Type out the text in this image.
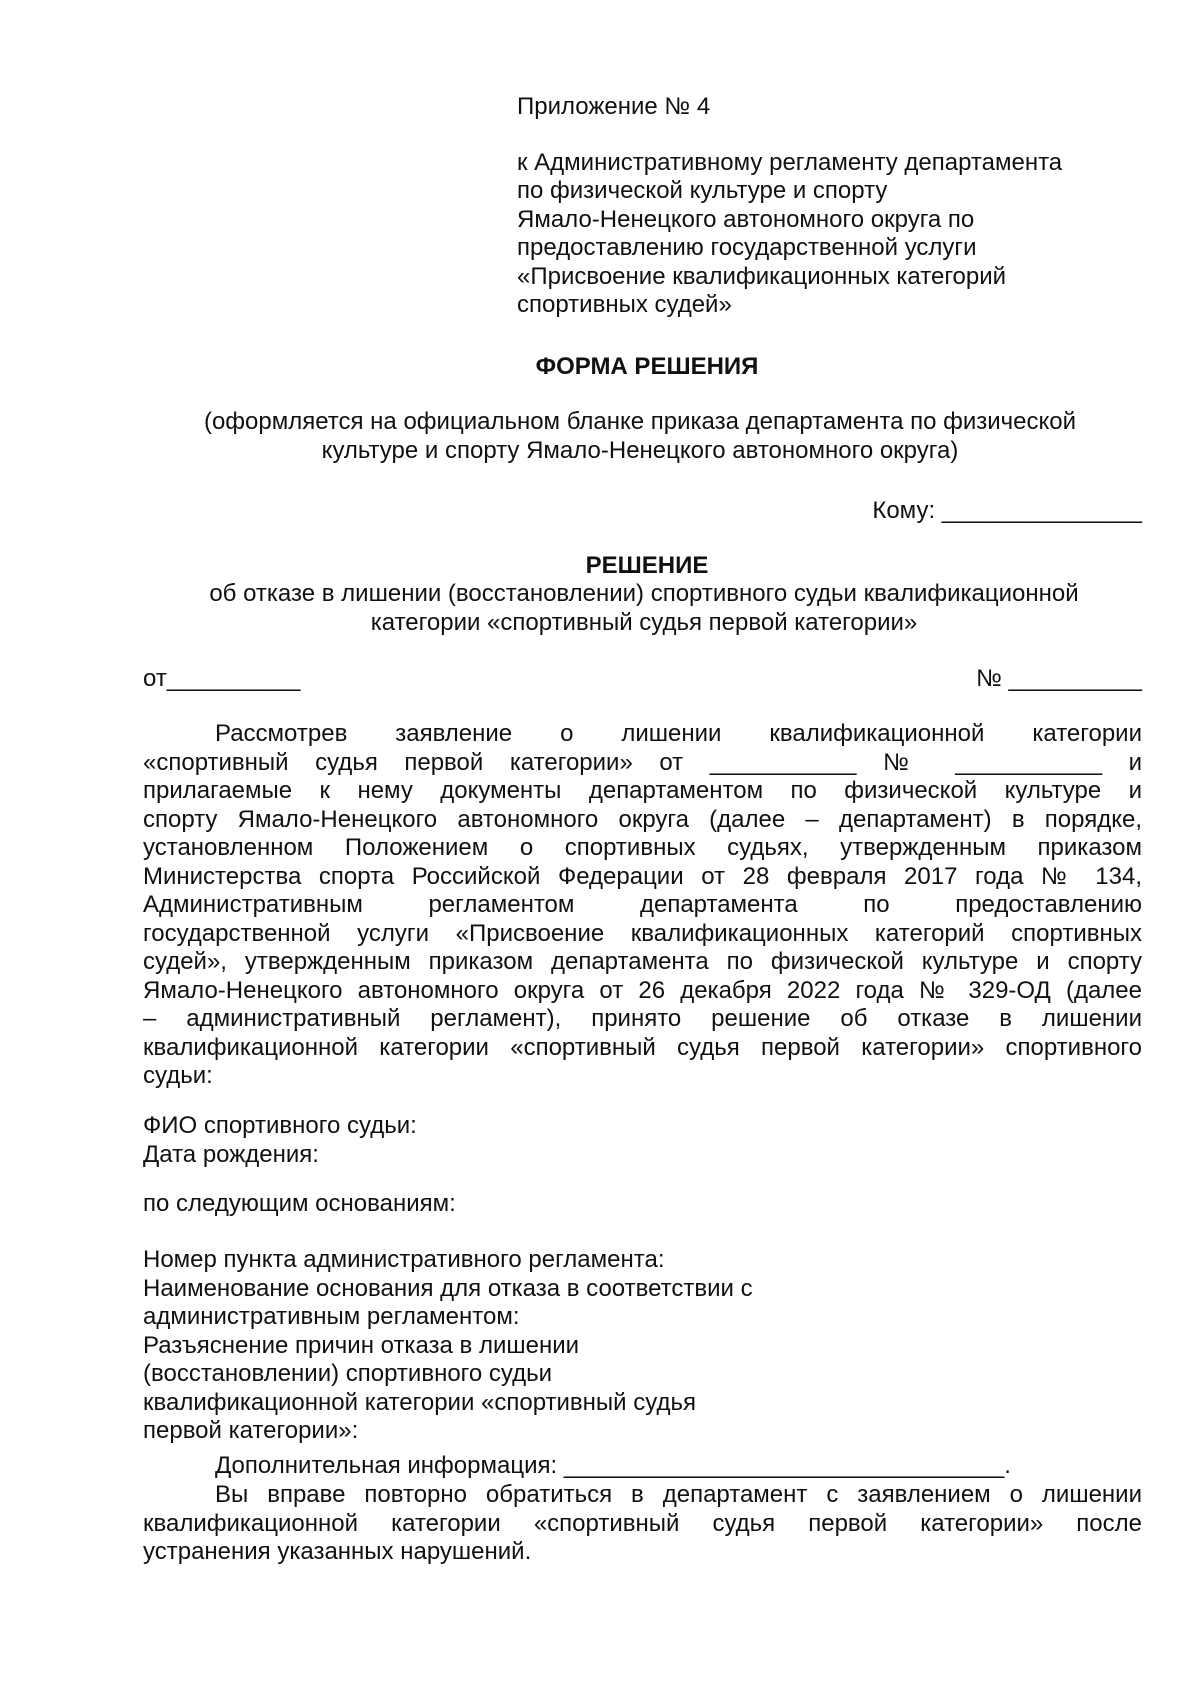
Приложение № 4

к Административному регламенту департамента

по физической культуре и спорту

Ямало-Ненецкого автономного округа по

предоставлению государственной услуги

«Присвоение квалификационных категорий

спортивных судей»

ФОРМА РЕШЕНИЯ
(оформляется на официальном бланке приказа департамента по физической
культуре и спорту Ямало-Ненецкого автономного округа)
Кому: _______________
РЕШЕНИЕ
об отказе в лишении (восстановлении) спортивного судьи квалификационной
категории «спортивный судья первой категории»
от__________	№ __________

Рассмотрев заявление о лишении квалификационной категории

«спортивный судья первой категории» от ___________ № ___________ и

прилагаемые к нему документы департаментом по физической культуре и

спорту Ямало-Ненецкого автономного округа (далее – департамент) в порядке,

установленном Положением о спортивных судьях, утвержденным приказом

Министерства спорта Российской Федерации от 28 февраля 2017 года № 134,

Административным регламентом департамента по предоставлению

государственной услуги «Присвоение квалификационных категорий спортивных

судей», утвержденным приказом департамента по физической культуре и спорту

Ямало-Ненецкого автономного округа от 26 декабря 2022 года № 329-ОД (далее

– административный регламент), принято решение об отказе в лишении

квалификационной категории «спортивный судья первой категории» спортивного

судьи:

ФИО спортивного судьи:

Дата рождения:

по следующим основаниям:

Номер пункта административного регламента:

Наименование основания для отказа в соответствии с

административным регламентом:

Разъяснение причин отказа в лишении

(восстановлении) спортивного судьи

квалификационной категории «спортивный судья

первой категории»:

Дополнительная информация: _________________________________.

Вы вправе повторно обратиться в департамент с заявлением о лишении

квалификационной категории «спортивный судья первой категории» после

устранения указанных нарушений.
